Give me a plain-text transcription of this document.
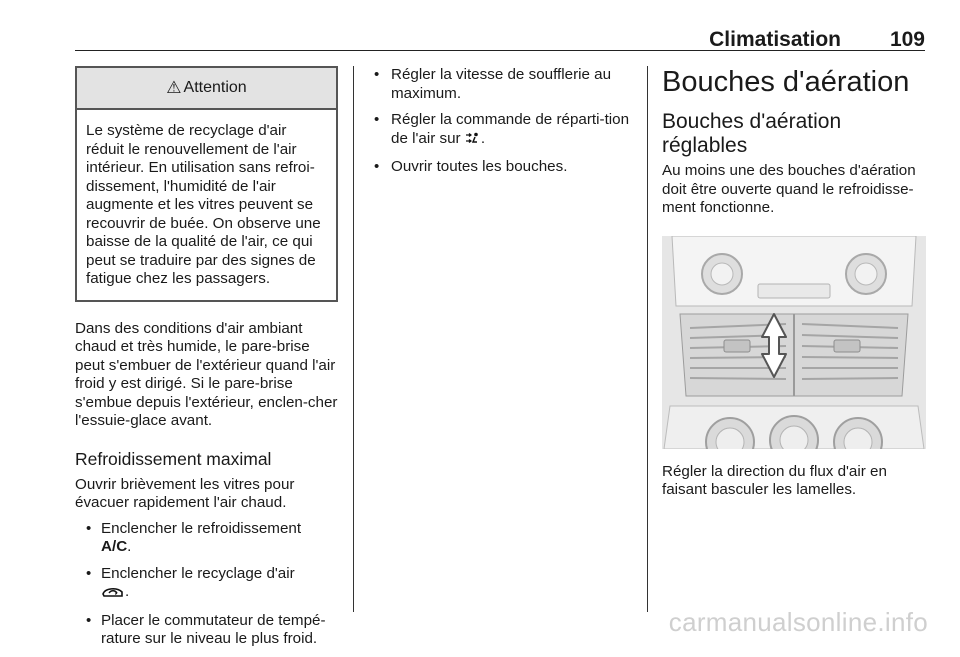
Climatisation 109
⚠ Attention

Le système de recyclage d'air réduit le renouvellement de l'air intérieur. En utilisation sans refroi-dissement, l'humidité de l'air augmente et les vitres peuvent se recouvrir de buée. On observe une baisse de la qualité de l'air, ce qui peut se traduire par des signes de fatigue chez les passagers.

Dans des conditions d'air ambiant chaud et très humide, le pare-brise peut s'embuer de l'extérieur quand l'air froid y est dirigé. Si le pare-brise s'embue depuis l'extérieur, enclen-cher l'essuie-glace avant.

Refroidissement maximal

Ouvrir brièvement les vitres pour évacuer rapidement l'air chaud.

• Enclencher le refroidissement
A/C.
• Enclencher le recyclage d'air
.
• Placer le commutateur de tempé-rature sur le niveau le plus froid.
• Régler la vitesse de soufflerie au maximum.
• Régler la commande de réparti-tion de l'air sur .
• Ouvrir toutes les bouches.
Bouches d'aération
Bouches d'aération réglables

Au moins une des bouches d'aération doit être ouverte quand le refroidisse-ment fonctionne.

Régler la direction du flux d'air en faisant basculer les lamelles.

carmanualsonline.info
